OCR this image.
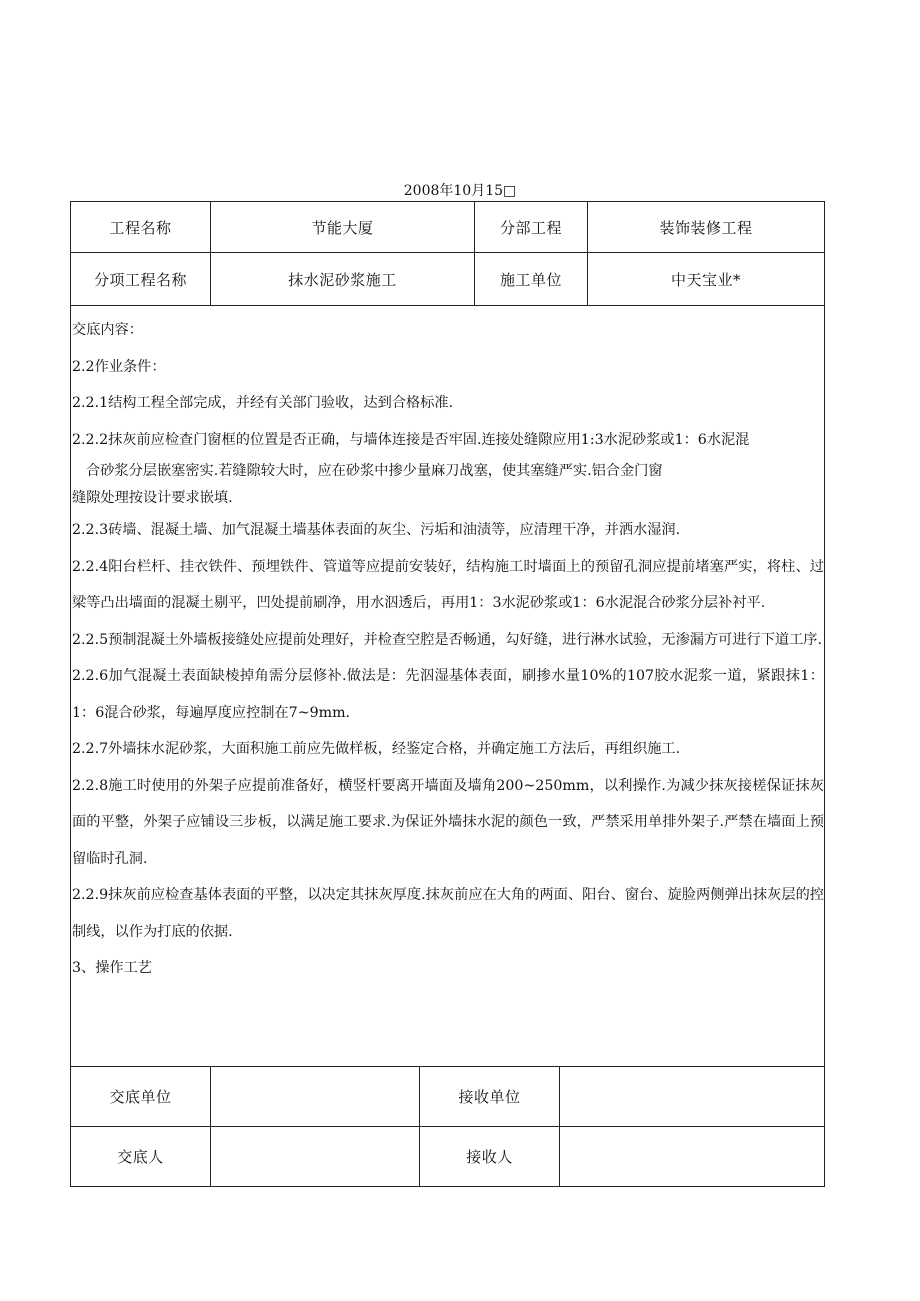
2008年10月15□
工程名称	节能大厦	分部工程	装饰装修工程
分项工程名称	抹水泥砂浆施工	施工单位	中天宝业*

交底内容：

2.2作业条件：

2.2.1结构工程全部完成，并经有关部门验收，达到合格标准.

2.2.2抹灰前应检查门窗框的位置是否正确，与墙体连接是否牢固.连接处缝隙应用1:3水泥砂浆或1：6水泥混

合砂浆分层嵌塞密实.若缝隙较大时，应在砂浆中掺少量麻刀战塞，使其塞缝严实.铝合金门窗

缝隙处理按设计要求嵌填.

2.2.3砖墙、混凝土墙、加气混凝土墙基体表面的灰尘、污垢和油渍等，应清理干净，并洒水湿润.

2.2.4阳台栏杆、挂衣铁件、预埋铁件、管道等应提前安装好，结构施工时墙面上的预留孔洞应提前堵塞严实，将柱、过梁等凸出墙面的混凝土剔平，凹处提前刷净，用水泅透后，再用1：3水泥砂浆或1：6水泥混合砂浆分层补衬平.

2.2.5预制混凝土外墙板接缝处应提前处理好，并检查空腔是否畅通，勾好缝，进行淋水试验，无渗漏方可进行下道工序.

2.2.6加气混凝土表面缺棱掉角需分层修补.做法是：先泅湿基体表面，刷掺水量10%的107胶水泥浆一道，紧跟抹1：1：6混合砂浆，每遍厚度应控制在7~9mm.

2.2.7外墙抹水泥砂浆，大面积施工前应先做样板，经鉴定合格，并确定施工方法后，再组织施工.

2.2.8施工时使用的外架子应提前准备好，横竖杆要离开墙面及墙角200~250mm，以利操作.为减少抹灰接槎保证抹灰面的平整，外架子应铺设三步板，以满足施工要求.为保证外墙抹水泥的颜色一致，严禁采用单排外架子.严禁在墙面上预留临时孔洞.

2.2.9抹灰前应检查基体表面的平整，以决定其抹灰厚度.抹灰前应在大角的两面、阳台、窗台、旋脸两侧弹出抹灰层的控制线，以作为打底的依据.

3、操作工艺

交底单位	接收单位
交底人	接收人
